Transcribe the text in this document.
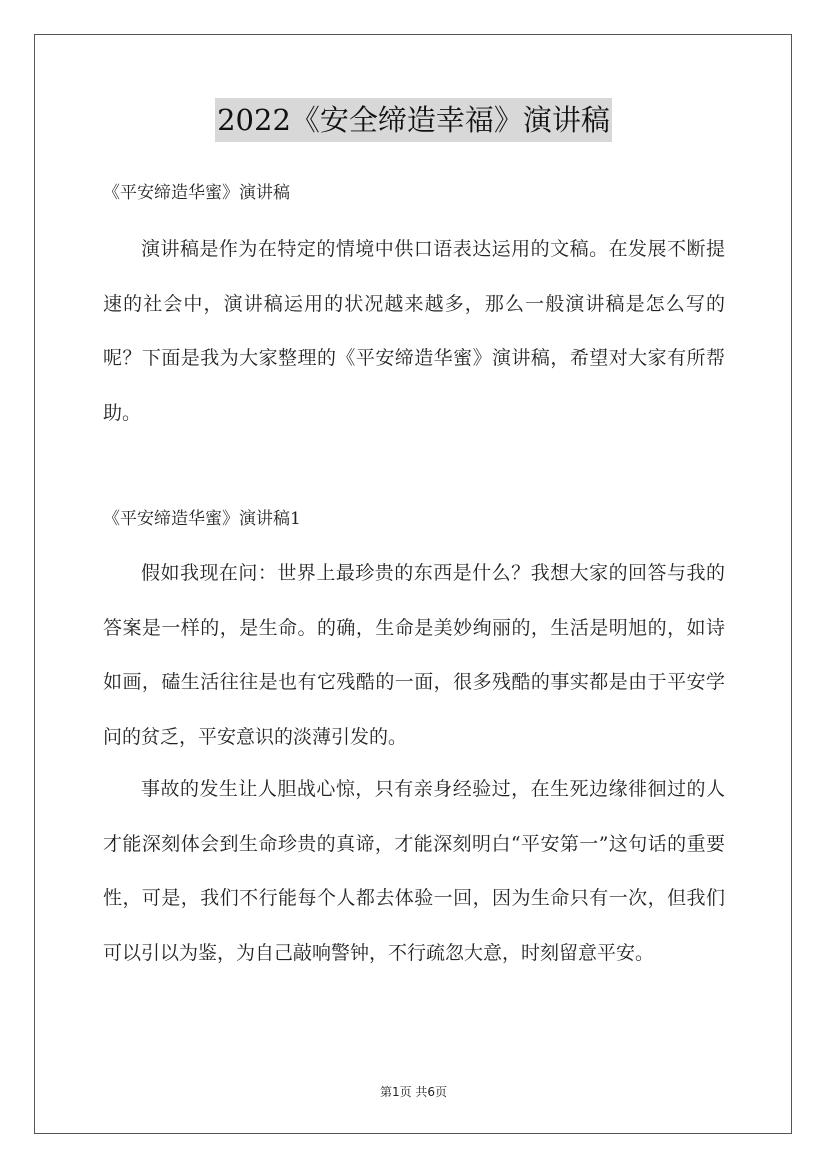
2022《安全缔造幸福》演讲稿
《平安缔造华蜜》演讲稿

演讲稿是作为在特定的情境中供口语表达运用的文稿。在发展不断提速的社会中，演讲稿运用的状况越来越多，那么一般演讲稿是怎么写的呢？下面是我为大家整理的《平安缔造华蜜》演讲稿，希望对大家有所帮助。

《平安缔造华蜜》演讲稿1

假如我现在问：世界上最珍贵的东西是什么？我想大家的回答与我的答案是一样的，是生命。的确，生命是美妙绚丽的，生活是明旭的，如诗如画，磕生活往往是也有它残酷的一面，很多残酷的事实都是由于平安学问的贫乏，平安意识的淡薄引发的。

事故的发生让人胆战心惊，只有亲身经验过，在生死边缘徘徊过的人才能深刻体会到生命珍贵的真谛，才能深刻明白“平安第一”这句话的重要性，可是，我们不行能每个人都去体验一回，因为生命只有一次，但我们可以引以为鉴，为自己敲响警钟，不行疏忽大意，时刻留意平安。

第1页 共6页
